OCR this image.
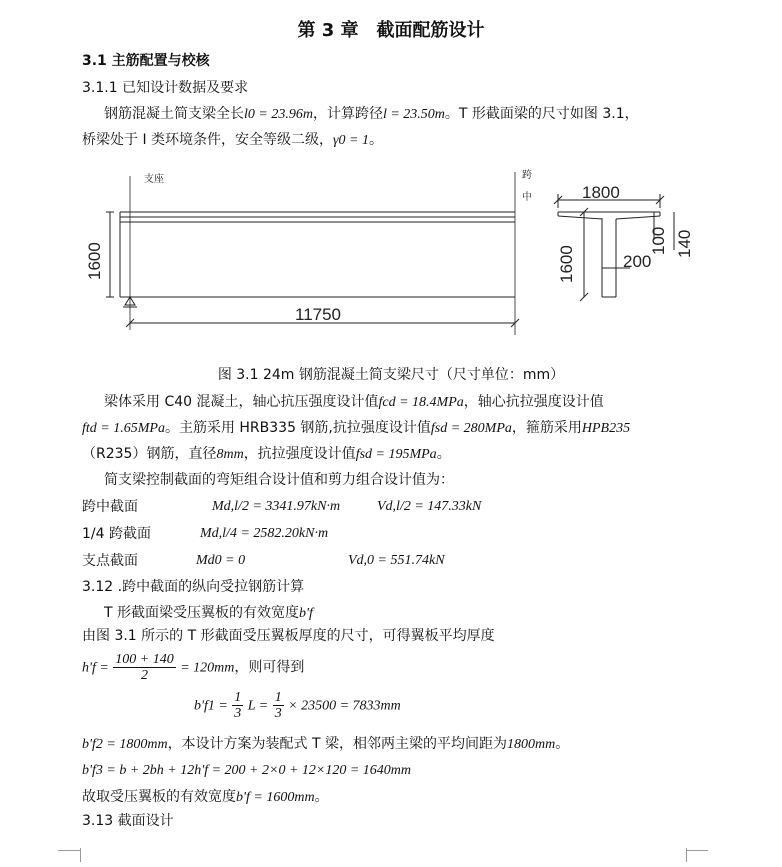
第 3 章　截面配筋设计
3.1 主筋配置与校核
3.1.1 已知设计数据及要求
钢筋混凝土简支梁全长l0 = 23.96m，计算跨径l = 23.50m。T 形截面梁的尺寸如图 3.1，
桥梁处于 I 类环境条件，安全等级二级，γ0 = 1。
支座	跨
中
1600
11750
1800
1600	200
100 140
图 3.1 24m 钢筋混凝土简支梁尺寸（尺寸单位：mm）
梁体采用 C40 混凝土，轴心抗压强度设计值fcd = 18.4MPa，轴心抗拉强度设计值
ftd = 1.65MPa。主筋采用 HRB335 钢筋,抗拉强度设计值fsd = 280MPa，箍筋采用HPB235
（R235）钢筋，直径8mm，抗拉强度设计值fsd = 195MPa。
简支梁控制截面的弯矩组合设计值和剪力组合设计值为：
跨中截面	Md,l/2 = 3341.97kN·m	Vd,l/2 = 147.33kN
1/4 跨截面	Md,l/4 = 2582.20kN·m
支点截面	Md0 = 0	Vd,0 = 551.74kN
3.12 .跨中截面的纵向受拉钢筋计算
T 形截面梁受压翼板的有效宽度b'f
由图 3.1 所示的 T 形截面受压翼板厚度的尺寸，可得翼板平均厚度
$h'f = \frac{100 + 140}{2} = 120mm$，则可得到
$b'f1 = \frac{1}{3}$ $L = \frac{1}{3} \times 23500 = 7833mm$
b'f2 = 1800mm，本设计方案为装配式 T 梁，相邻两主梁的平均间距为1800mm。
b'f3 = b + 2bh + 12h'f = 200 + 2×0 + 12×120 = 1640mm
故取受压翼板的有效宽度b'f = 1600mm。
3.13 截面设计
